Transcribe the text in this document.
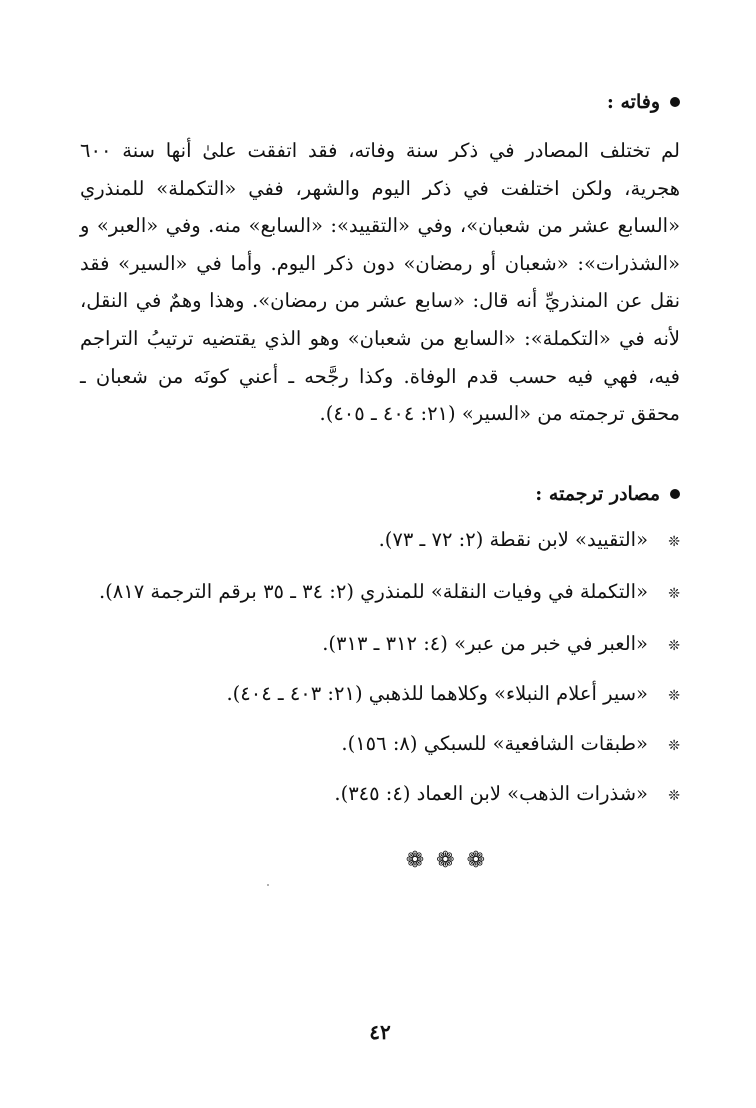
وفاته :
لم تختلف المصادر في ذكر سنة وفاته، فقد اتفقت علىٰ أنها سنة ٦٠٠ هجرية، ولكن اختلفت في ذكر اليوم والشهر، ففي «التكملة» للمنذري «السابع عشر من شعبان»، وفي «التقييد»: «السابع» منه. وفي «العبر» و «الشذرات»: «شعبان أو رمضان» دون ذكر اليوم. وأما في «السير» فقد نقل عن المنذريِّ أنه قال: «سابع عشر من رمضان». وهذا وهمٌ في النقل، لأنه في «التكملة»: «السابع من شعبان» وهو الذي يقتضيه ترتيبُ التراجم فيه، فهي فيه حسب قدم الوفاة. وكذا رجَّحه ـ أعني كونَه من شعبان ـ محقق ترجمته من «السير» (٢١: ٤٠٤ ـ ٤٠٥).
مصادر ترجمته :
❊«التقييد» لابن نقطة (٢: ٧٢ ـ ٧٣).
❊«التكملة في وفيات النقلة» للمنذري (٢: ٣٤ ـ ٣٥ برقم الترجمة ٨١٧).
❊«العبر في خبر من عبر» (٤: ٣١٢ ـ ٣١٣).
❊«سير أعلام النبلاء» وكلاهما للذهبي (٢١: ٤٠٣ ـ ٤٠٤).
❊«طبقات الشافعية» للسبكي (٨: ١٥٦).
❊«شذرات الذهب» لابن العماد (٤: ٣٤٥).
❁
❁
❁
٤٢
